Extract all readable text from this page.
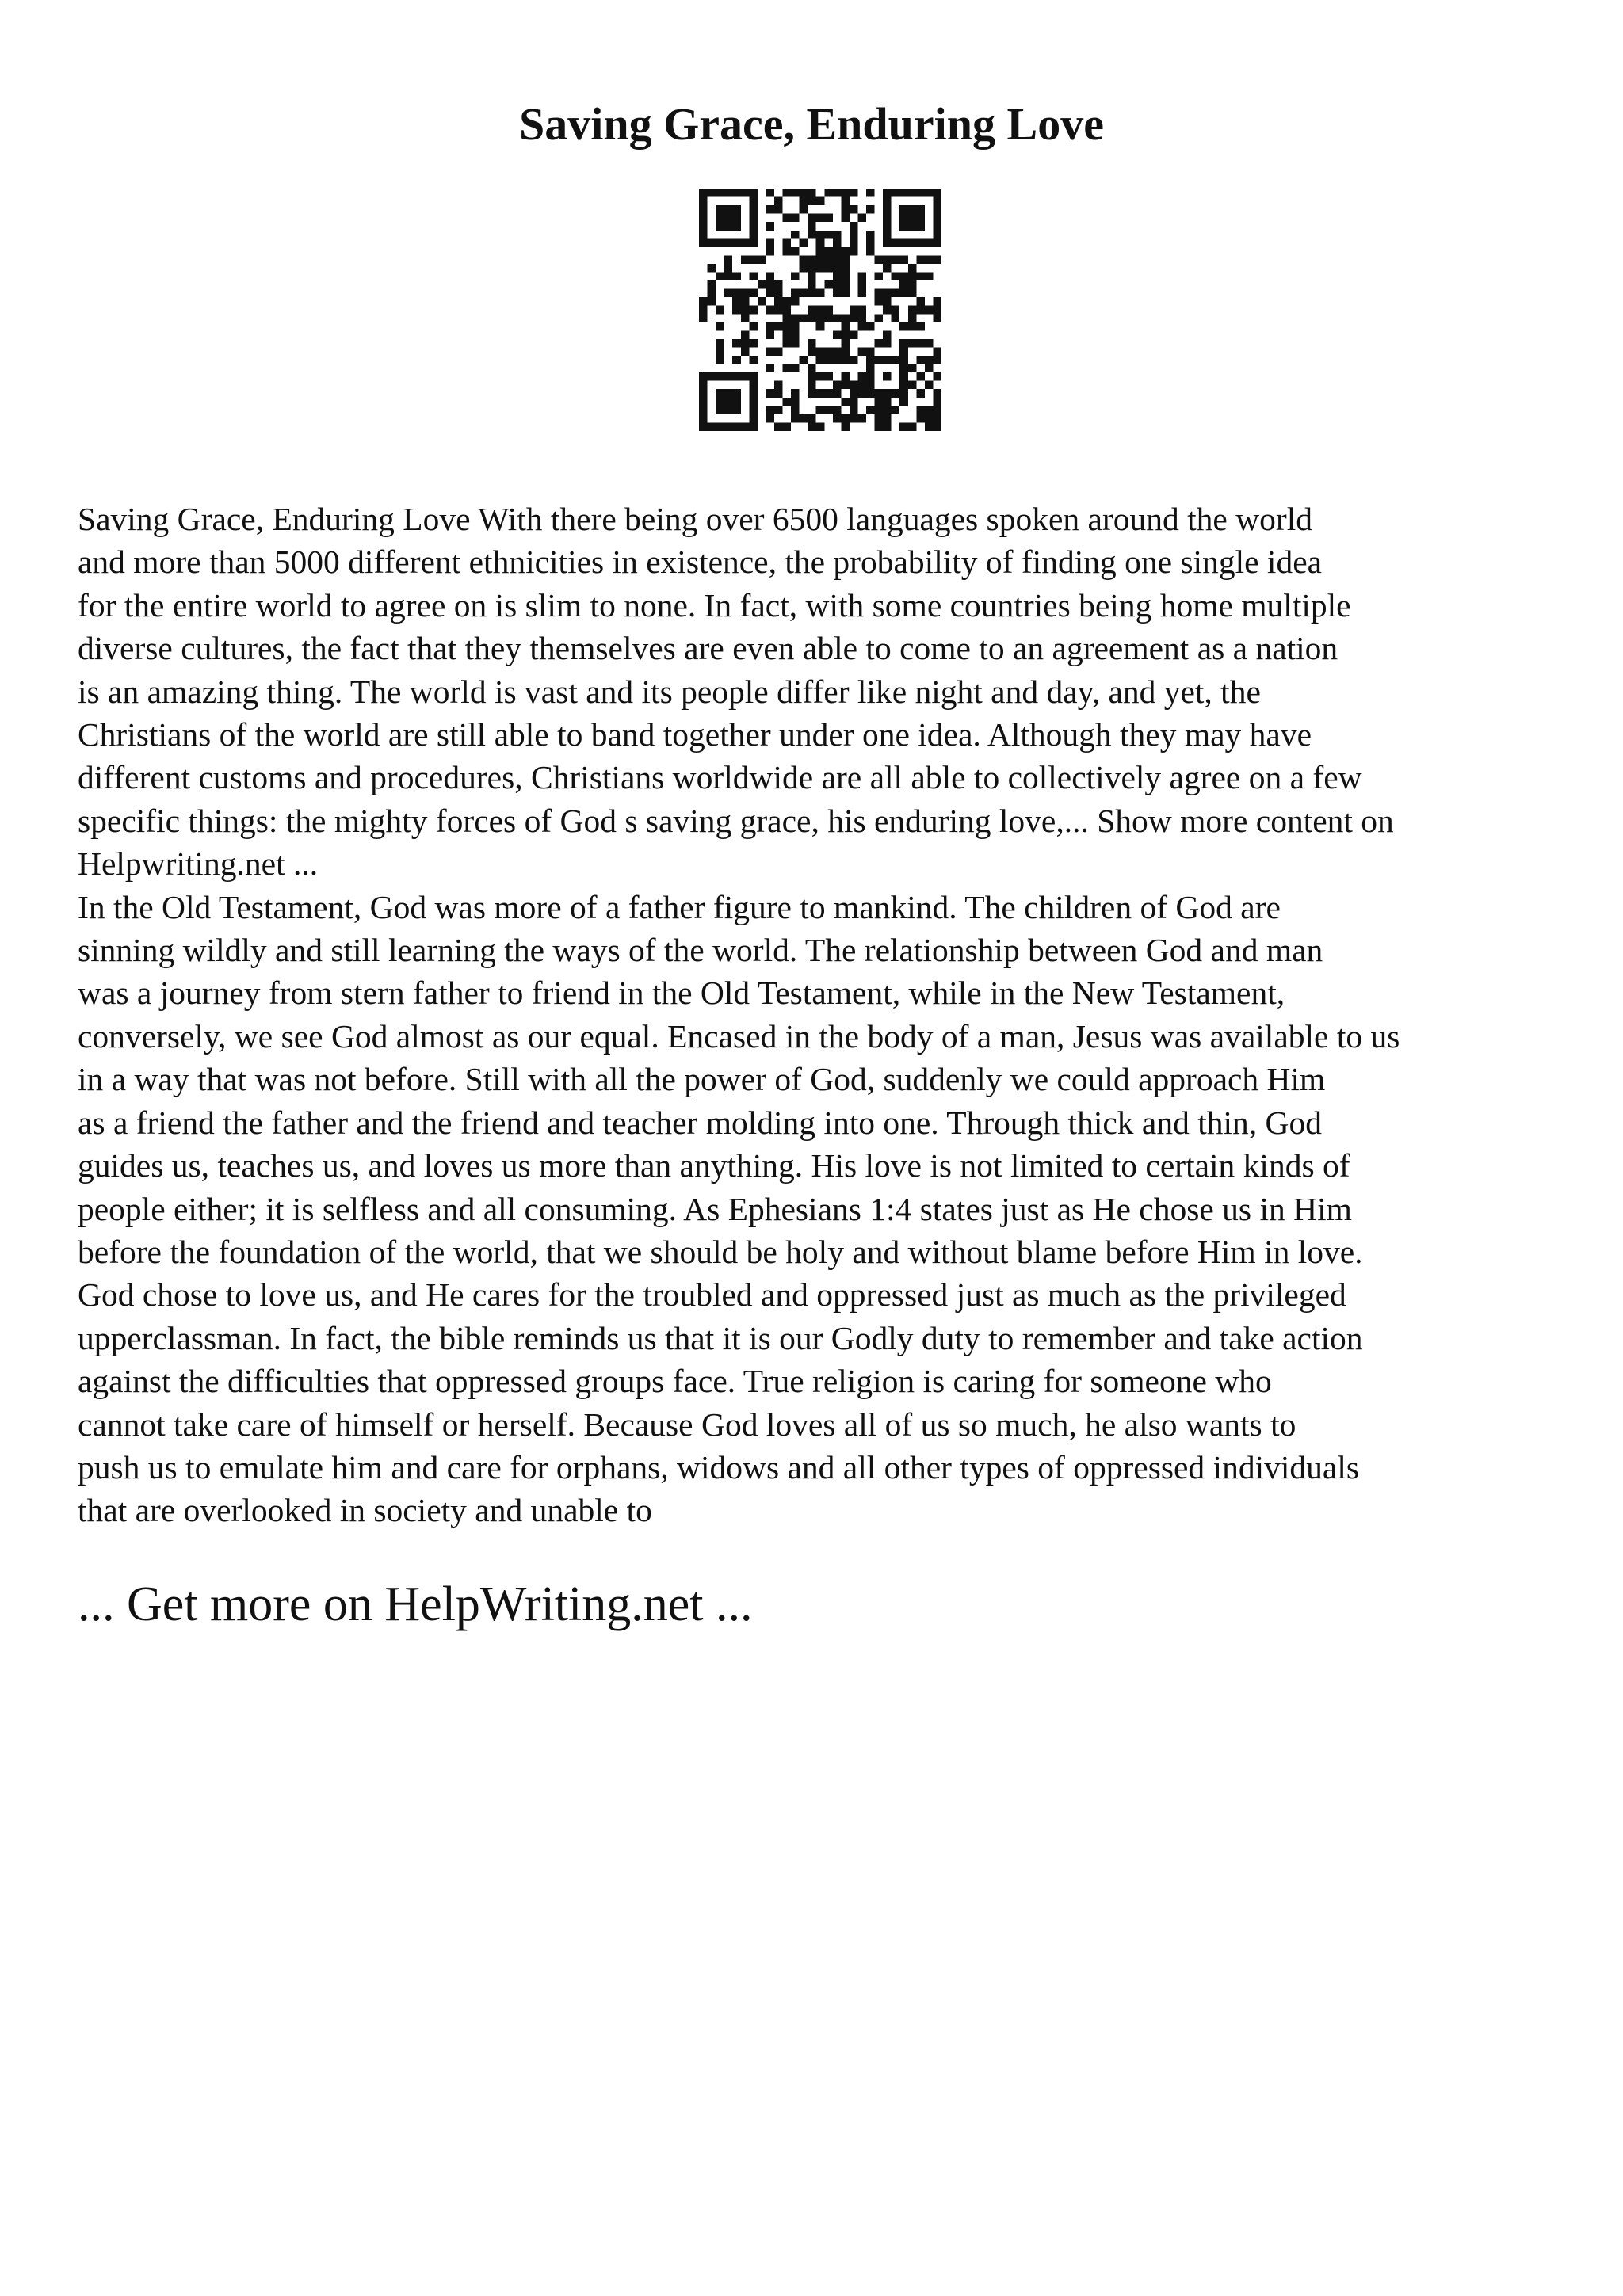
Saving Grace, Enduring Love

Saving Grace, Enduring Love With there being over 6500 languages spoken around the world
and more than 5000 different ethnicities in existence, the probability of finding one single idea
for the entire world to agree on is slim to none. In fact, with some countries being home multiple
diverse cultures, the fact that they themselves are even able to come to an agreement as a nation
is an amazing thing. The world is vast and its people differ like night and day, and yet, the
Christians of the world are still able to band together under one idea. Although they may have
different customs and procedures, Christians worldwide are all able to collectively agree on a few
specific things: the mighty forces of God s saving grace, his enduring love,... Show more content on
Helpwriting.net ...

In the Old Testament, God was more of a father figure to mankind. The children of God are
sinning wildly and still learning the ways of the world. The relationship between God and man
was a journey from stern father to friend in the Old Testament, while in the New Testament,
conversely, we see God almost as our equal. Encased in the body of a man, Jesus was available to us
in a way that was not before. Still with all the power of God, suddenly we could approach Him
as a friend the father and the friend and teacher molding into one. Through thick and thin, God
guides us, teaches us, and loves us more than anything. His love is not limited to certain kinds of
people either; it is selfless and all consuming. As Ephesians 1:4 states just as He chose us in Him
before the foundation of the world, that we should be holy and without blame before Him in love.
God chose to love us, and He cares for the troubled and oppressed just as much as the privileged
upperclassman. In fact, the bible reminds us that it is our Godly duty to remember and take action
against the difficulties that oppressed groups face. True religion is caring for someone who
cannot take care of himself or herself. Because God loves all of us so much, he also wants to
push us to emulate him and care for orphans, widows and all other types of oppressed individuals
that are overlooked in society and unable to

... Get more on HelpWriting.net ...
